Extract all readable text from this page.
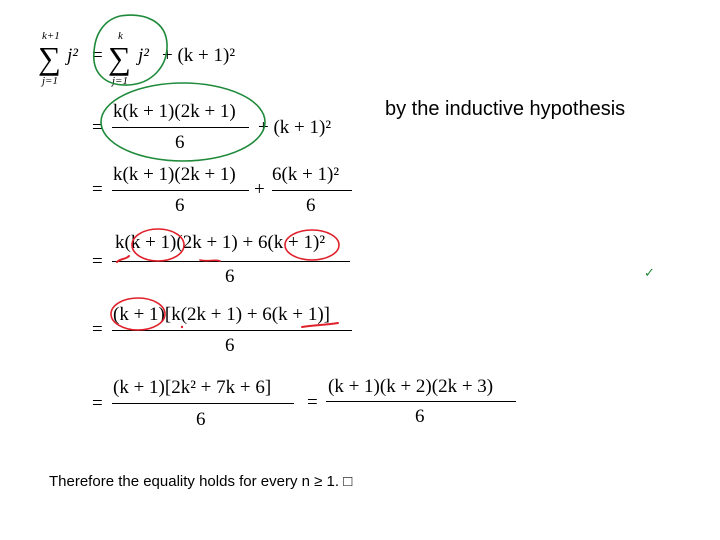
k+1
∑
j=1
j² =
k
∑
j=1
j² + (k + 1)²
=
k(k + 1)(2k + 1)
6
+ (k + 1)²
by the inductive hypothesis
=
k(k + 1)(2k + 1)
6
+
6(k + 1)²
6
=
k(k + 1)(2k + 1) + 6(k + 1)²
6
=
(k + 1)[k(2k + 1) + 6(k + 1)]
6
=
(k + 1)[2k² + 7k + 6]
6
=
(k + 1)(k + 2)(2k + 3)
6
Therefore the equality holds for every n ≥ 1. □
✓
